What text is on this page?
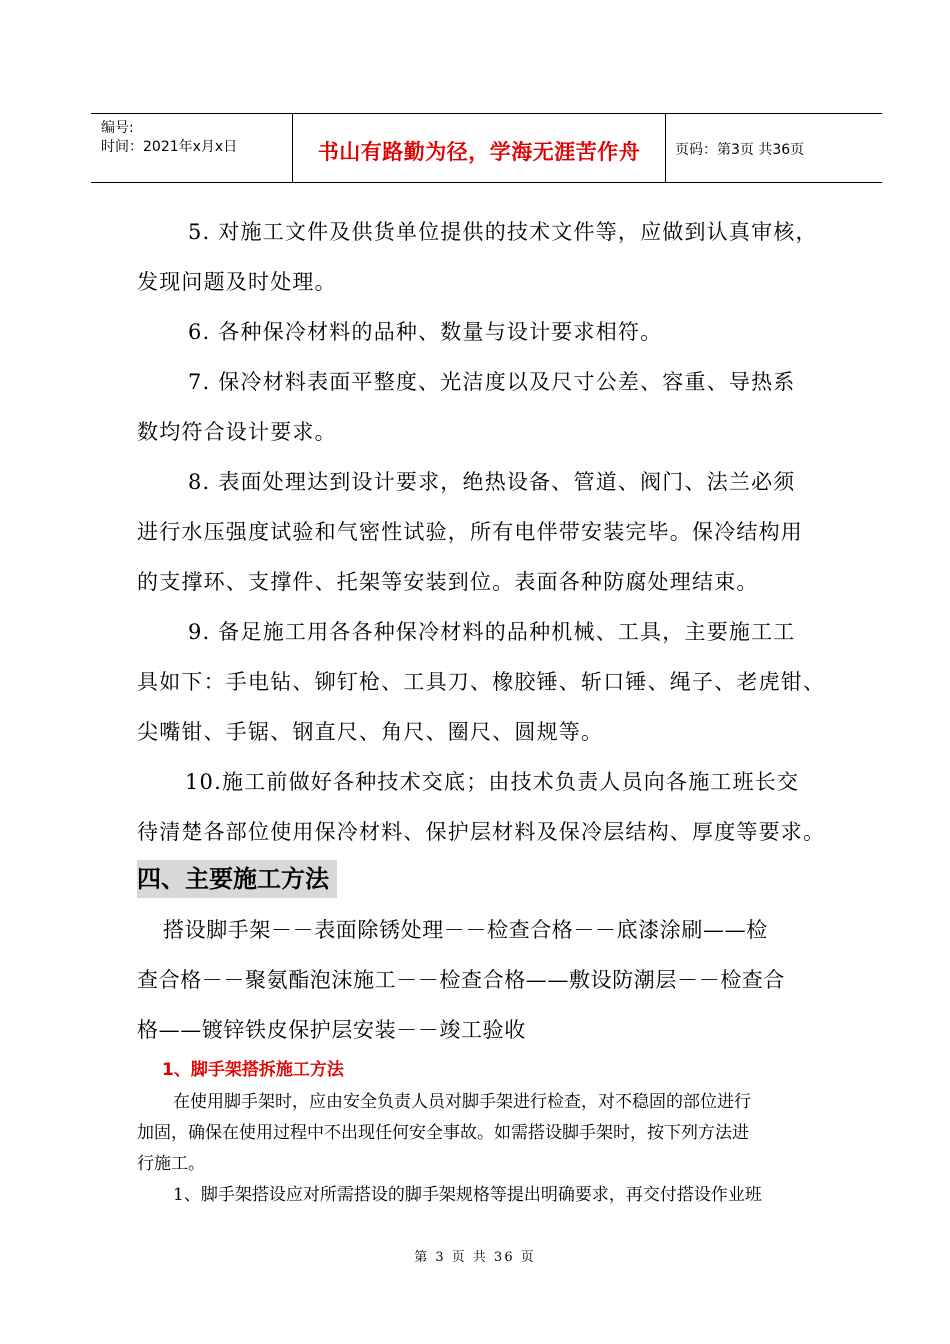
编号:
时间：2021年x月x日	书山有路勤为径，学海无涯苦作舟	页码：第3页 共36页
5. 对施工文件及供货单位提供的技术文件等，应做到认真审核，
发现问题及时处理。
6. 各种保冷材料的品种、数量与设计要求相符。
7. 保冷材料表面平整度、光洁度以及尺寸公差、容重、导热系
数均符合设计要求。
8. 表面处理达到设计要求，绝热设备、管道、阀门、法兰必须
进行水压强度试验和气密性试验，所有电伴带安装完毕。保冷结构用
的支撑环、支撑件、托架等安装到位。表面各种防腐处理结束。
9. 备足施工用各各种保冷材料的品种机械、工具，主要施工工
具如下：手电钻、铆钉枪、工具刀、橡胶锤、斩口锤、绳子、老虎钳、
尖嘴钳、手锯、钢直尺、角尺、圈尺、圆规等。
10.施工前做好各种技术交底；由技术负责人员向各施工班长交
待清楚各部位使用保冷材料、保护层材料及保冷层结构、厚度等要求。
四、主要施工方法
搭设脚手架－－表面除锈处理－－检查合格－－底漆涂刷——检
查合格－－聚氨酯泡沫施工－－检查合格——敷设防潮层－－检查合
格——镀锌铁皮保护层安装－－竣工验收
1、脚手架搭拆施工方法
在使用脚手架时，应由安全负责人员对脚手架进行检查，对不稳固的部位进行
加固，确保在使用过程中不出现任何安全事故。如需搭设脚手架时，按下列方法进
行施工。
1、脚手架搭设应对所需搭设的脚手架规格等提出明确要求，再交付搭设作业班
第 3 页 共 36 页
